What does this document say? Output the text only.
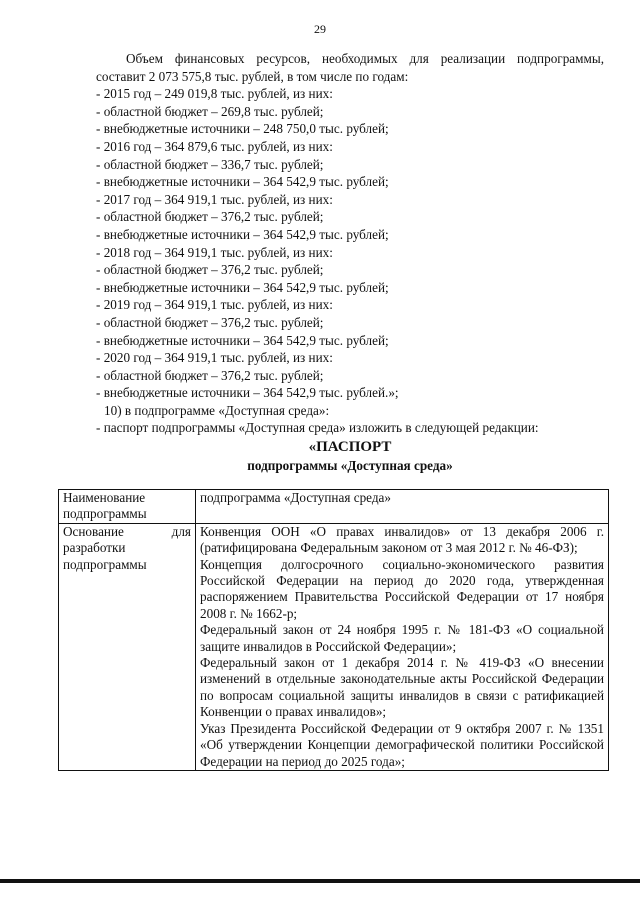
29

Объем финансовых ресурсов, необходимых для реализации подпрограммы, составит 2 073 575,8 тыс. рублей, в том числе по годам:

- 2015 год – 249 019,8 тыс. рублей, из них:

- областной бюджет – 269,8 тыс. рублей;

- внебюджетные источники – 248 750,0 тыс. рублей;

- 2016 год – 364 879,6 тыс. рублей, из них:

- областной бюджет – 336,7 тыс. рублей;

- внебюджетные источники – 364 542,9 тыс. рублей;

- 2017 год – 364 919,1 тыс. рублей, из них:

- областной бюджет – 376,2 тыс. рублей;

- внебюджетные источники – 364 542,9 тыс. рублей;

- 2018 год – 364 919,1 тыс. рублей, из них:

- областной бюджет – 376,2 тыс. рублей;

- внебюджетные источники – 364 542,9 тыс. рублей;

- 2019 год – 364 919,1 тыс. рублей, из них:

- областной бюджет – 376,2 тыс. рублей;

- внебюджетные источники – 364 542,9 тыс. рублей;

- 2020 год – 364 919,1 тыс. рублей, из них:

- областной бюджет – 376,2 тыс. рублей;

- внебюджетные источники – 364 542,9 тыс. рублей.»;

10) в подпрограмме «Доступная среда»:

- паспорт подпрограммы «Доступная среда» изложить в следующей редакции:

«ПАСПОРТ
подпрограммы «Доступная среда»
Наименование подпрограммы	подпрограмма «Доступная среда»
Основание для разработки подпрограммы	Конвенция ООН «О правах инвалидов» от 13 декабря 2006 г. (ратифицирована Федеральным законом от 3 мая 2012 г. № 46-ФЗ);

Концепция долгосрочного социально-экономического развития Российской Федерации на период до 2020 года, утвержденная распоряжением Правительства Российской Федерации от 17 ноября 2008 г. № 1662-р;

Федеральный закон от 24 ноября 1995 г. № 181-ФЗ «О социальной защите инвалидов в Российской Федерации»;

Федеральный закон от 1 декабря 2014 г. № 419-ФЗ «О внесении изменений в отдельные законодательные акты Российской Федерации по вопросам социальной защиты инвалидов в связи с ратификацией Конвенции о правах инвалидов»;

Указ Президента Российской Федерации от 9 октября 2007 г. № 1351 «Об утверждении Концепции демографической политики Российской Федерации на период до 2025 года»;
